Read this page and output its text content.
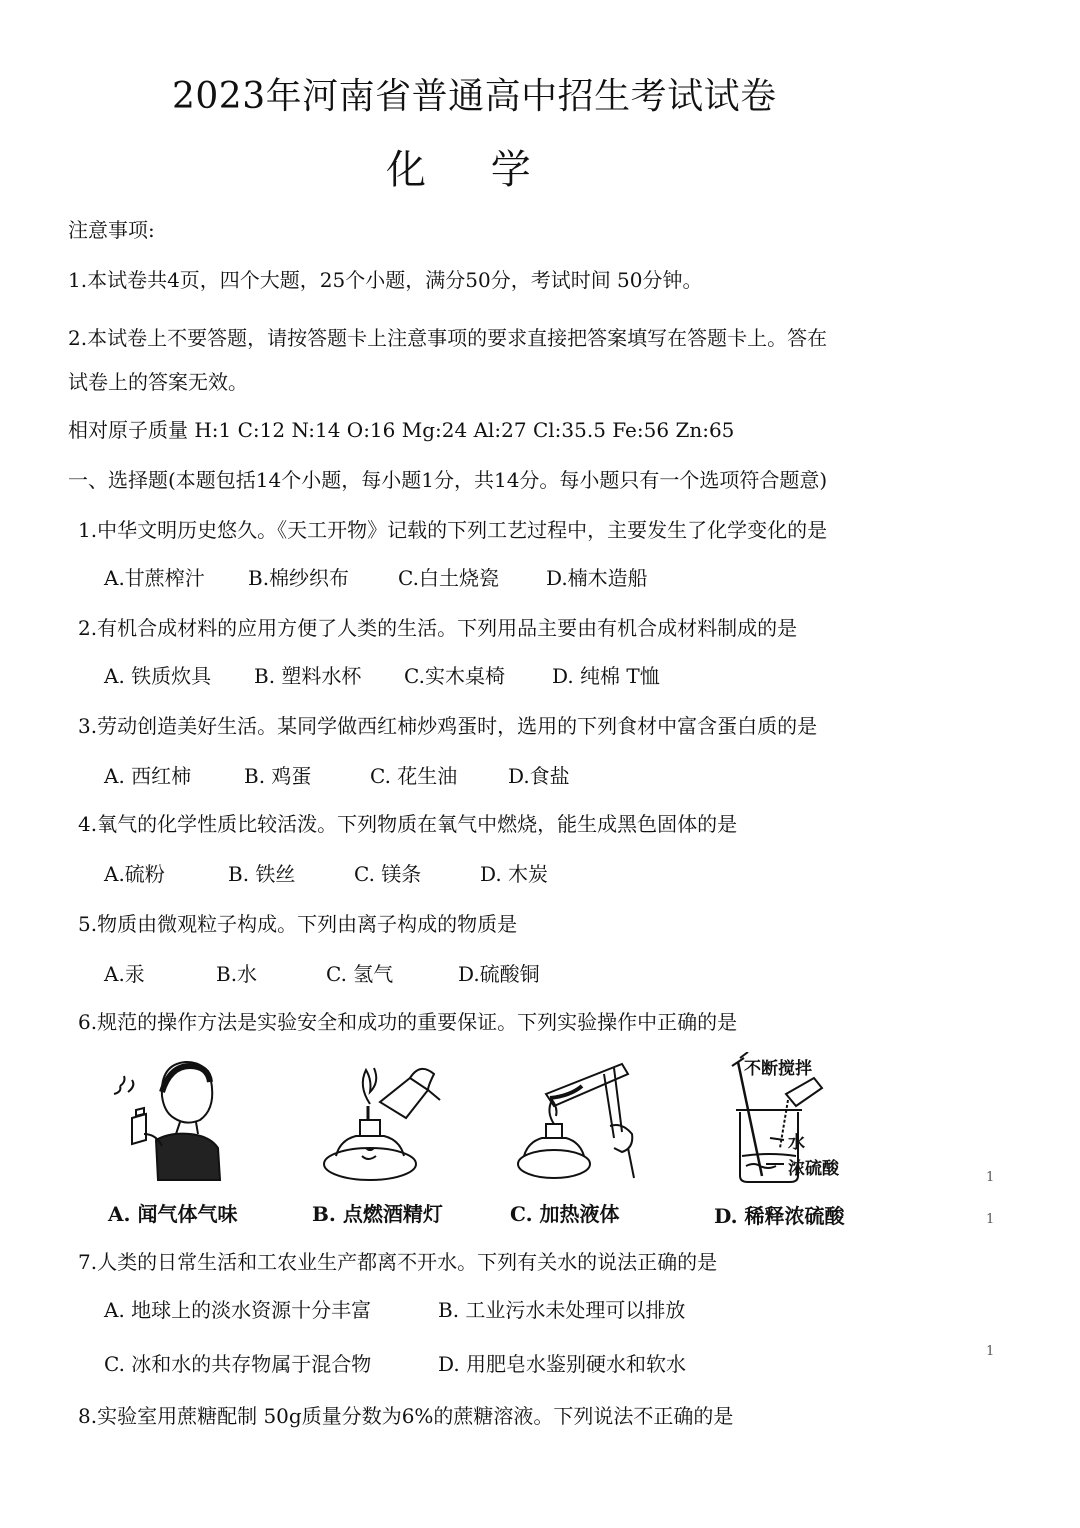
2023年河南省普通高中招生考试试卷
化 学
注意事项:
1.本试卷共4页，四个大题，25个小题，满分50分，考试时间 50分钟。
2.本试卷上不要答题，请按答题卡上注意事项的要求直接把答案填写在答题卡上。答在
试卷上的答案无效。
相对原子质量 H:1 C:12 N:14 O:16 Mg:24 Al:27 Cl:35.5 Fe:56 Zn:65
一、选择题(本题包括14个小题，每小题1分，共14分。每小题只有一个选项符合题意)
1.中华文明历史悠久。《天工开物》记载的下列工艺过程中，主要发生了化学变化的是
A.甘蔗榨汁 B.棉纱织布 C.白土烧瓷 D.楠木造船
2.有机合成材料的应用方便了人类的生活。下列用品主要由有机合成材料制成的是
A. 铁质炊具 B. 塑料水杯 C.实木桌椅 D. 纯棉 T恤
3.劳动创造美好生活。某同学做西红柿炒鸡蛋时，选用的下列食材中富含蛋白质的是
A. 西红柿	B. 鸡蛋	C. 花生油	D.食盐
4.氧气的化学性质比较活泼。下列物质在氧气中燃烧，能生成黑色固体的是
A.硫粉	B. 铁丝	C. 镁条	D. 木炭
5.物质由微观粒子构成。下列由离子构成的物质是
A.汞	B.水	C. 氢气	D.硫酸铜
6.规范的操作方法是实验安全和成功的重要保证。下列实验操作中正确的是
A. 闻气体气味	B. 点燃酒精灯	C. 加热液体
不断搅拌
水
浓硫酸
D. 稀释浓硫酸
7.人类的日常生活和工农业生产都离不开水。下列有关水的说法正确的是
A. 地球上的淡水资源十分丰富	B. 工业污水未处理可以排放
C. 冰和水的共存物属于混合物	D. 用肥皂水鉴别硬水和软水
8.实验室用蔗糖配制 50g质量分数为6%的蔗糖溶液。下列说法不正确的是
1
1
1
